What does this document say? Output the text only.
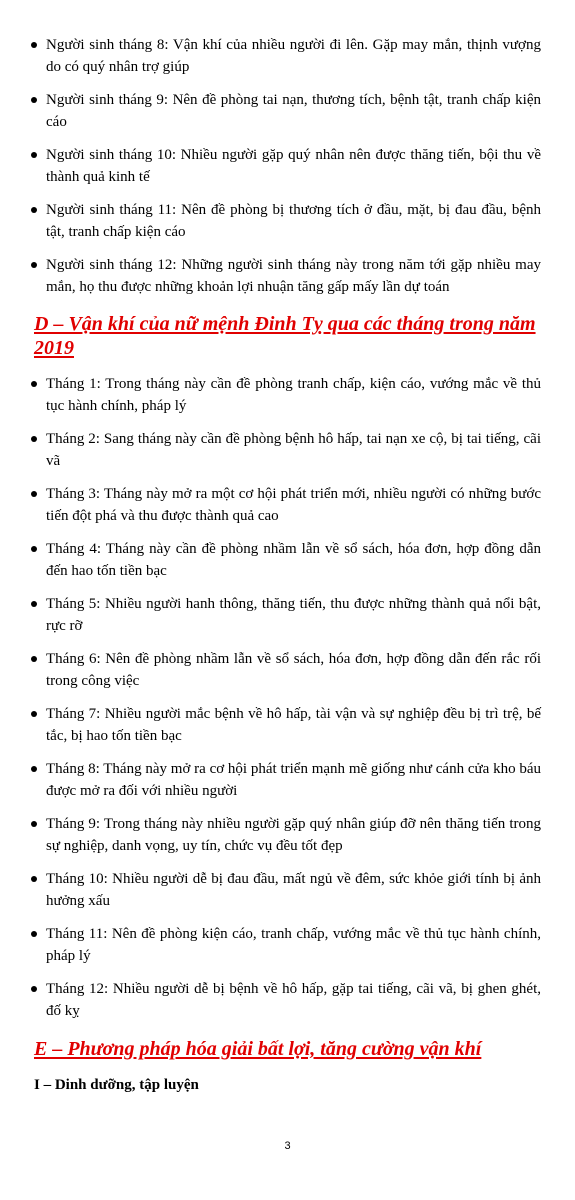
Người sinh tháng 8: Vận khí của nhiều người đi lên. Gặp may mắn, thịnh vượng do có quý nhân trợ giúp
Người sinh tháng 9: Nên đề phòng tai nạn, thương tích, bệnh tật, tranh chấp kiện cáo
Người sinh tháng 10: Nhiều người gặp quý nhân nên được thăng tiến, bội thu về thành quả kinh tế
Người sinh tháng 11: Nên đề phòng bị thương tích ở đầu, mặt, bị đau đầu, bệnh tật, tranh chấp kiện cáo
Người sinh tháng 12: Những người sinh tháng này trong năm tới gặp nhiều may mắn, họ thu được những khoản lợi nhuận tăng gấp mấy lần dự toán
D – Vận khí của nữ mệnh Đinh Tỵ qua các tháng trong năm 2019
Tháng 1: Trong tháng này cần đề phòng tranh chấp, kiện cáo, vướng mắc về thủ tục hành chính, pháp lý
Tháng 2: Sang tháng này cần đề phòng bệnh hô hấp, tai nạn xe cộ, bị tai tiếng, cãi vã
Tháng 3: Tháng này mở ra một cơ hội phát triển mới, nhiều người có những bước tiến đột phá và thu được thành quả cao
Tháng 4: Tháng này cần đề phòng nhầm lẫn về sổ sách, hóa đơn, hợp đồng dẫn đến hao tốn tiền bạc
Tháng 5: Nhiều người hanh thông, thăng tiến, thu được những thành quả nổi bật, rực rỡ
Tháng 6: Nên đề phòng nhầm lẫn về sổ sách, hóa đơn, hợp đồng dẫn đến rắc rối trong công việc
Tháng 7: Nhiều người mắc bệnh về hô hấp, tài vận và sự nghiệp đều bị trì trệ, bế tắc, bị hao tốn tiền bạc
Tháng 8: Tháng này mở ra cơ hội phát triển mạnh mẽ giống như cánh cửa kho báu được mở ra đối với nhiều người
Tháng 9: Trong tháng này nhiều người gặp quý nhân giúp đỡ nên thăng tiến trong sự nghiệp, danh vọng, uy tín, chức vụ đều tốt đẹp
Tháng 10: Nhiều người dễ bị đau đầu, mất ngủ về đêm, sức khỏe giới tính bị ảnh hưởng xấu
Tháng 11: Nên đề phòng kiện cáo, tranh chấp, vướng mắc về thủ tục hành chính, pháp lý
Tháng 12: Nhiều người dễ bị bệnh về hô hấp, gặp tai tiếng, cãi vã, bị ghen ghét, đố kỵ
E – Phương pháp hóa giải bất lợi, tăng cường vận khí

I – Dinh dưỡng, tập luyện

3
